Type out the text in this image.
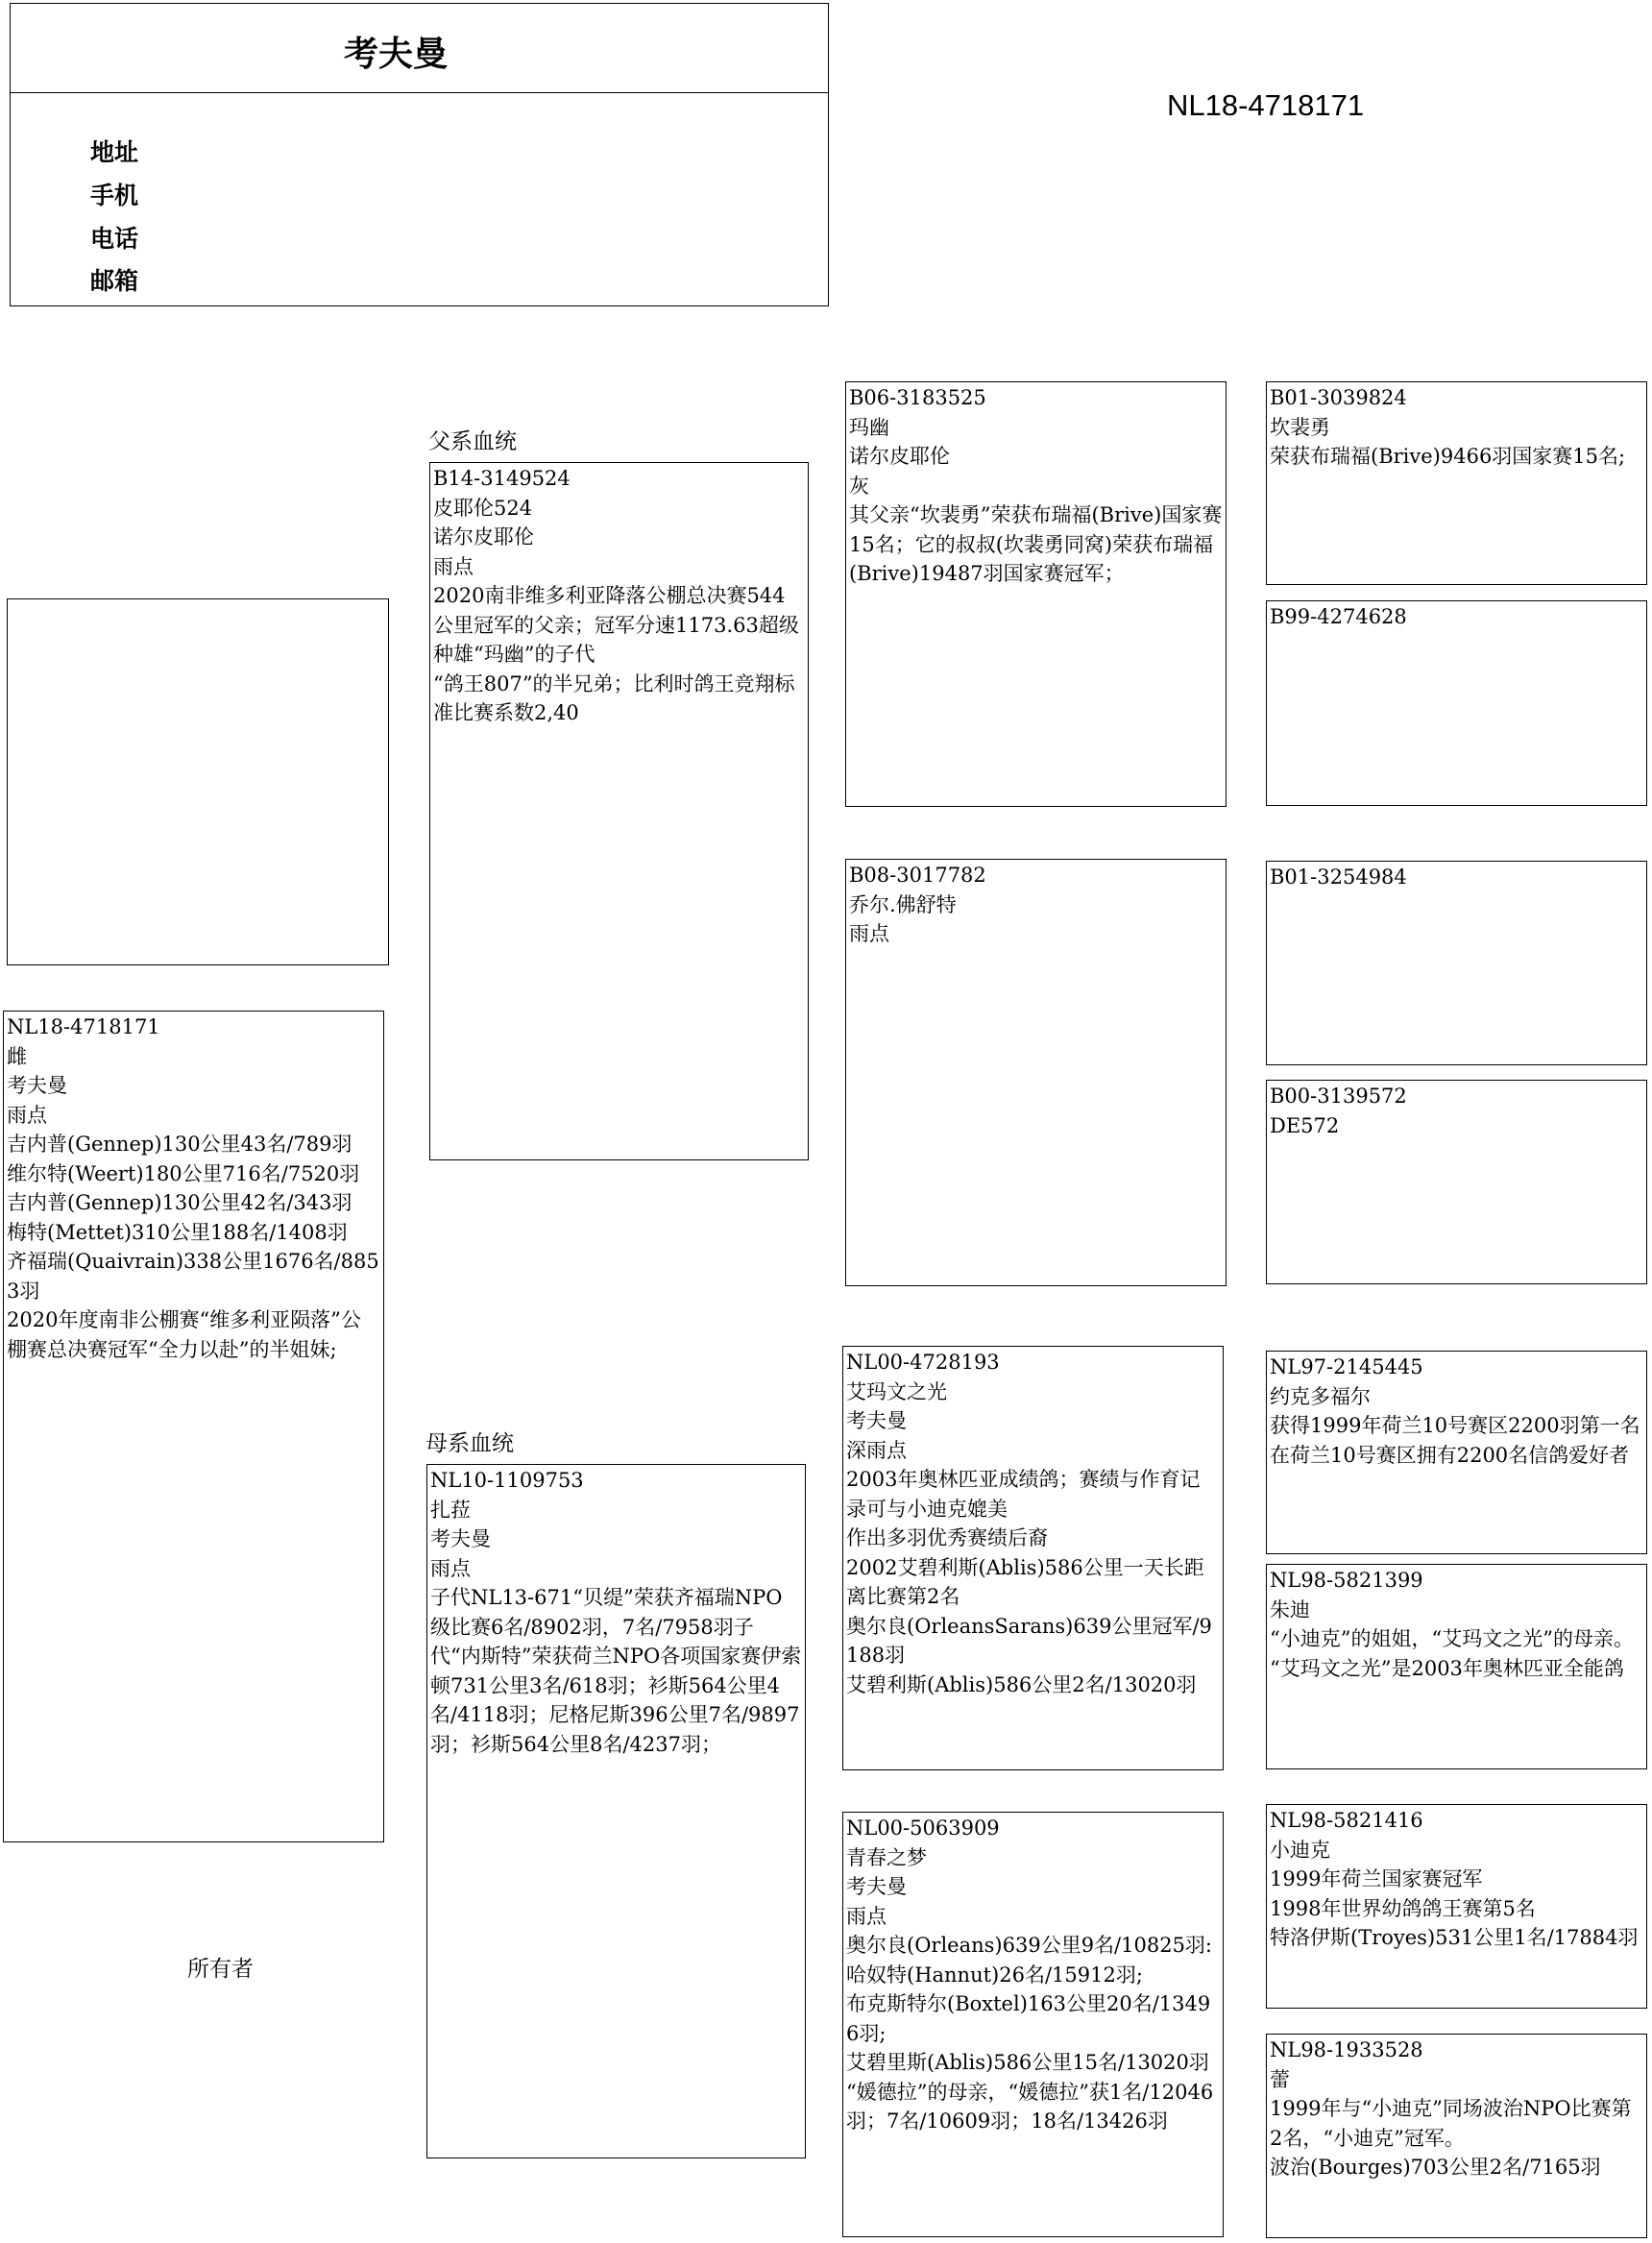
考夫曼
地址
手机
电话
邮箱
NL18-4718171
父系血统
母系血统
所有者
NL18-4718171
雌
考夫曼
雨点
吉内普(Gennep)130公里43名/789羽
维尔特(Weert)180公里716名/7520羽
吉内普(Gennep)130公里42名/343羽
梅特(Mettet)310公里188名/1408羽
齐福瑞(Quaivrain)338公里1676名/8853羽
2020年度南非公棚赛“维多利亚陨落”公棚赛总决赛冠军“全力以赴”的半姐妹;
B14-3149524
皮耶伦524
诺尔皮耶伦
雨点
2020南非维多利亚降落公棚总决赛544公里冠军的父亲；冠军分速1173.63超级种雄“玛幽”的子代
“鸽王807”的半兄弟；比利时鸽王竞翔标准比赛系数2,40
NL10-1109753
扎菈
考夫曼
雨点
子代NL13-671“贝缇”荣获齐福瑞NPO级比赛6名/8902羽，7名/7958羽子代“内斯特”荣获荷兰NPO各项国家赛伊索顿731公里3名/618羽；衫斯564公里4名/4118羽；尼格尼斯396公里7名/9897羽；衫斯564公里8名/4237羽；
B06-3183525
玛幽
诺尔皮耶伦
灰
其父亲“坎裴勇”荣获布瑞福(Brive)国家赛15名；它的叔叔(坎裴勇同窝)荣获布瑞福(Brive)19487羽国家赛冠军；
B08-3017782
乔尔.佛舒特
雨点
NL00-4728193
艾玛文之光
考夫曼
深雨点
2003年奥林匹亚成绩鸽；赛绩与作育记录可与小迪克媲美
作出多羽优秀赛绩后裔
2002艾碧利斯(Ablis)586公里一天长距离比赛第2名
奥尔良(OrleansSarans)639公里冠军/9188羽
艾碧利斯(Ablis)586公里2名/13020羽
NL00-5063909
青春之梦
考夫曼
雨点
奥尔良(Orleans)639公里9名/10825羽:
哈奴特(Hannut)26名/15912羽;
布克斯特尔(Boxtel)163公里20名/13496羽;
艾碧里斯(Ablis)586公里15名/13020羽
“媛德拉”的母亲，“媛德拉”获1名/12046羽；7名/10609羽；18名/13426羽
B01-3039824
坎裴勇
荣获布瑞福(Brive)9466羽国家赛15名;
B99-4274628
B01-3254984
B00-3139572
DE572
NL97-2145445
约克多福尔
获得1999年荷兰10号赛区2200羽第一名
在荷兰10号赛区拥有2200名信鸽爱好者
NL98-5821399
朱迪
“小迪克”的姐姐，“艾玛文之光”的母亲。
“艾玛文之光”是2003年奥林匹亚全能鸽
NL98-5821416
小迪克
1999年荷兰国家赛冠军
1998年世界幼鸽鸽王赛第5名
特洛伊斯(Troyes)531公里1名/17884羽
NL98-1933528
蕾
1999年与“小迪克”同场波治NPO比赛第2名，“小迪克”冠军。
波治(Bourges)703公里2名/7165羽
